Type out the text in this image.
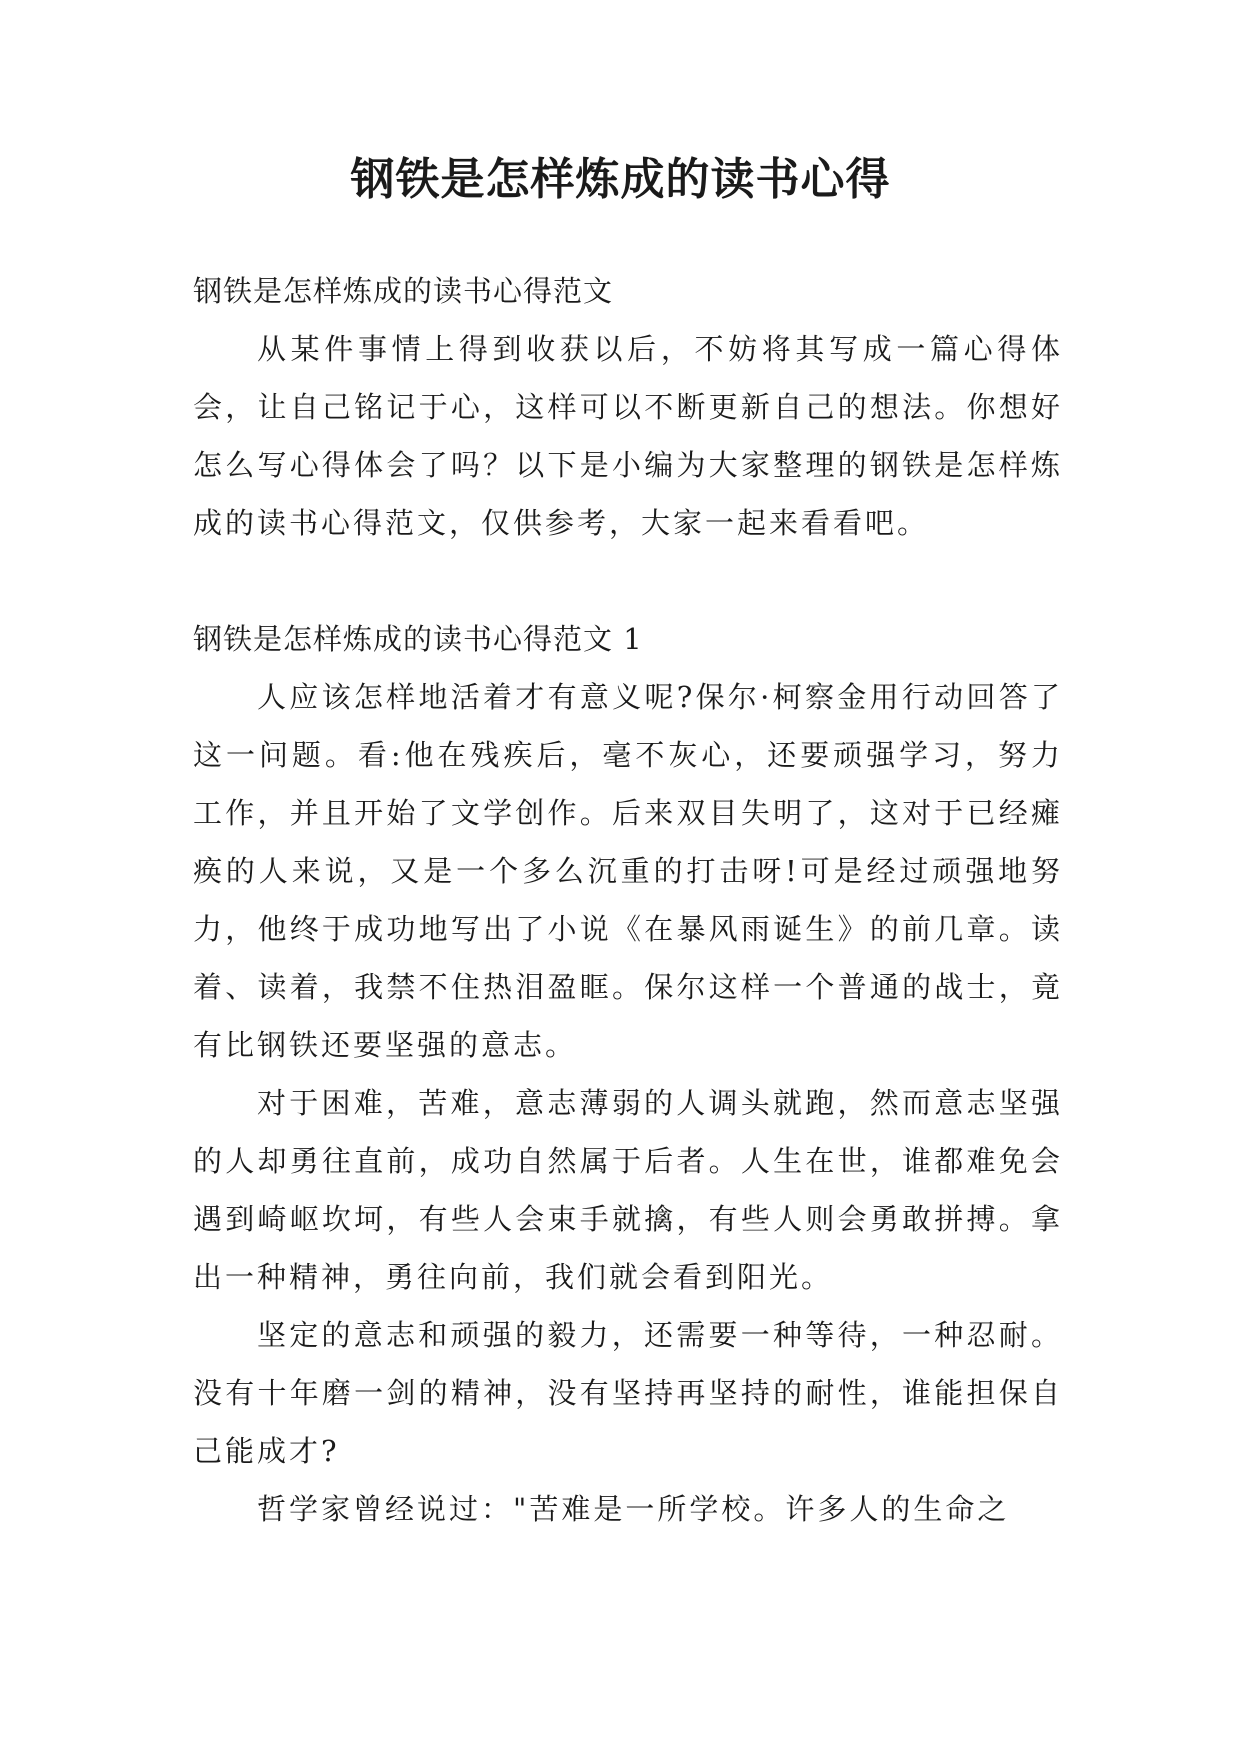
钢铁是怎样炼成的读书心得
钢铁是怎样炼成的读书心得范文

从某件事情上得到收获以后，不妨将其写成一篇心得体会，让自己铭记于心，这样可以不断更新自己的想法。你想好怎么写心得体会了吗？以下是小编为大家整理的钢铁是怎样炼成的读书心得范文，仅供参考，大家一起来看看吧。

钢铁是怎样炼成的读书心得范文 1

人应该怎样地活着才有意义呢?保尔·柯察金用行动回答了这一问题。看:他在残疾后，毫不灰心，还要顽强学习，努力工作，并且开始了文学创作。后来双目失明了，这对于已经瘫痪的人来说，又是一个多么沉重的打击呀!可是经过顽强地努力，他终于成功地写出了小说《在暴风雨诞生》的前几章。读着、读着，我禁不住热泪盈眶。保尔这样一个普通的战士，竟有比钢铁还要坚强的意志。

对于困难，苦难，意志薄弱的人调头就跑，然而意志坚强的人却勇往直前，成功自然属于后者。人生在世，谁都难免会遇到崎岖坎坷，有些人会束手就擒，有些人则会勇敢拼搏。拿出一种精神，勇往向前，我们就会看到阳光。

坚定的意志和顽强的毅力，还需要一种等待，一种忍耐。没有十年磨一剑的精神，没有坚持再坚持的耐性，谁能担保自己能成才?

哲学家曾经说过："苦难是一所学校。许多人的生命之
